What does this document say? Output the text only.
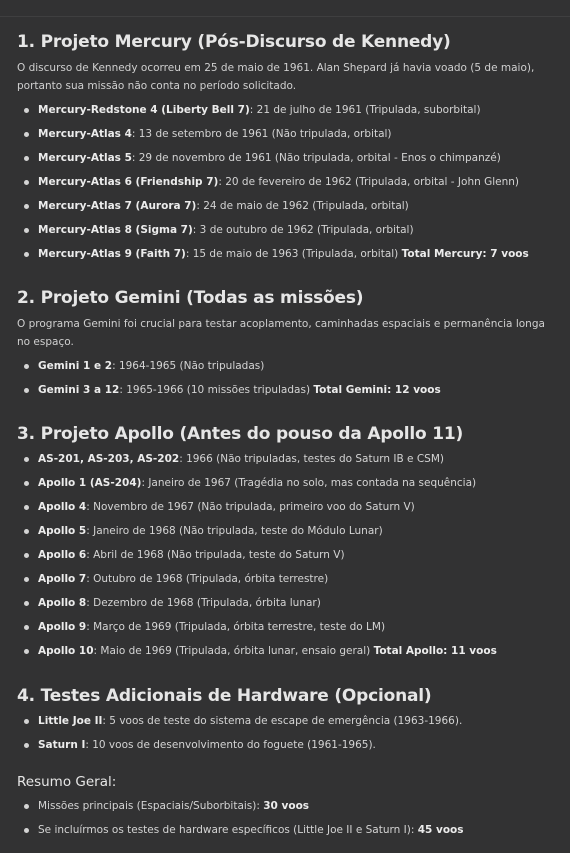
1. Projeto Mercury (Pós-Discurso de Kennedy)

O discurso de Kennedy ocorreu em 25 de maio de 1961. Alan Shepard já havia voado (5 de maio), portanto sua missão não conta no período solicitado.

Mercury-Redstone 4 (Liberty Bell 7): 21 de julho de 1961 (Tripulada, suborbital)
Mercury-Atlas 4: 13 de setembro de 1961 (Não tripulada, orbital)
Mercury-Atlas 5: 29 de novembro de 1961 (Não tripulada, orbital - Enos o chimpanzé)
Mercury-Atlas 6 (Friendship 7): 20 de fevereiro de 1962 (Tripulada, orbital - John Glenn)
Mercury-Atlas 7 (Aurora 7): 24 de maio de 1962 (Tripulada, orbital)
Mercury-Atlas 8 (Sigma 7): 3 de outubro de 1962 (Tripulada, orbital)
Mercury-Atlas 9 (Faith 7): 15 de maio de 1963 (Tripulada, orbital) Total Mercury: 7 voos
2. Projeto Gemini (Todas as missões)

O programa Gemini foi crucial para testar acoplamento, caminhadas espaciais e permanência longa no espaço.

Gemini 1 e 2: 1964-1965 (Não tripuladas)
Gemini 3 a 12: 1965-1966 (10 missões tripuladas) Total Gemini: 12 voos
3. Projeto Apollo (Antes do pouso da Apollo 11)
AS-201, AS-203, AS-202: 1966 (Não tripuladas, testes do Saturn IB e CSM)
Apollo 1 (AS-204): Janeiro de 1967 (Tragédia no solo, mas contada na sequência)
Apollo 4: Novembro de 1967 (Não tripulada, primeiro voo do Saturn V)
Apollo 5: Janeiro de 1968 (Não tripulada, teste do Módulo Lunar)
Apollo 6: Abril de 1968 (Não tripulada, teste do Saturn V)
Apollo 7: Outubro de 1968 (Tripulada, órbita terrestre)
Apollo 8: Dezembro de 1968 (Tripulada, órbita lunar)
Apollo 9: Março de 1969 (Tripulada, órbita terrestre, teste do LM)
Apollo 10: Maio de 1969 (Tripulada, órbita lunar, ensaio geral) Total Apollo: 11 voos
4. Testes Adicionais de Hardware (Opcional)
Little Joe II: 5 voos de teste do sistema de escape de emergência (1963-1966).
Saturn I: 10 voos de desenvolvimento do foguete (1961-1965).
Resumo Geral:
Missões principais (Espaciais/Suborbitais): 30 voos
Se incluírmos os testes de hardware específicos (Little Joe II e Saturn I): 45 voos
